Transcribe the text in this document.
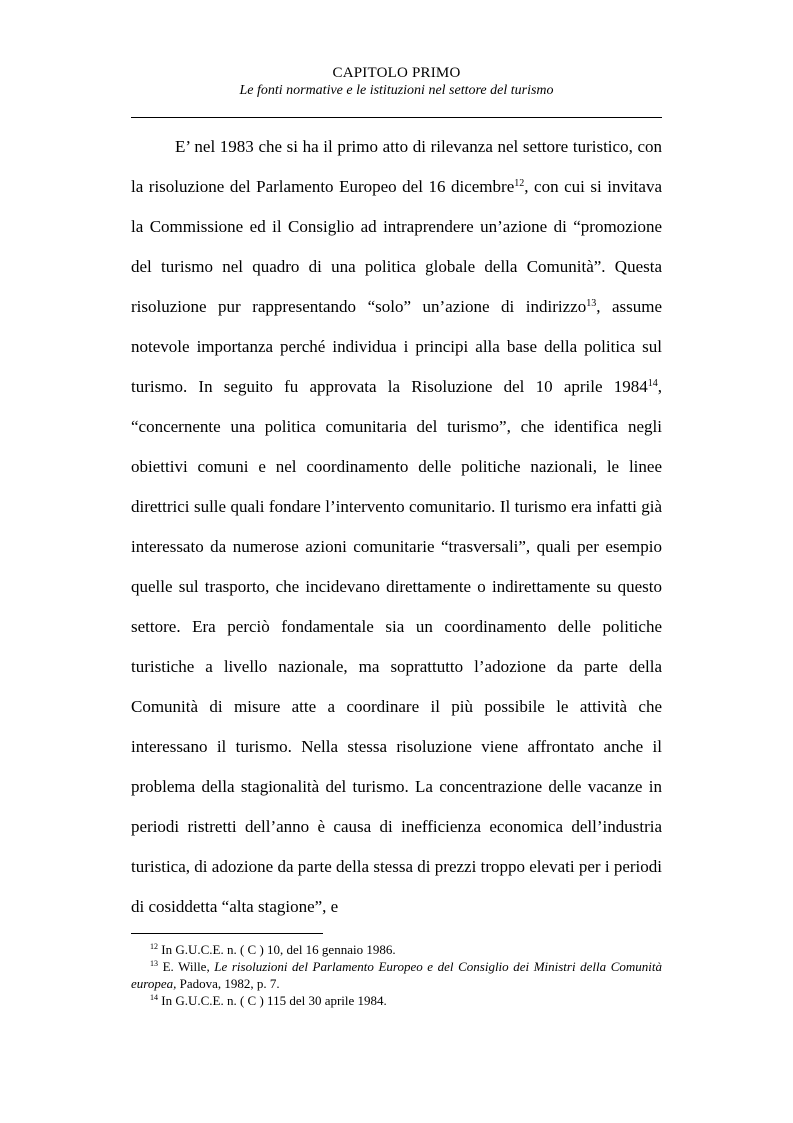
CAPITOLO PRIMO
Le fonti normative e le istituzioni nel settore del turismo

E’ nel 1983 che si ha il primo atto di rilevanza nel settore turistico, con la risoluzione del Parlamento Europeo del 16 dicembre$^{12}$, con cui si invitava la Commissione ed il Consiglio ad intraprendere un’azione di “promozione del turismo nel quadro di una politica globale della Comunità”. Questa risoluzione pur rappresentando “solo” un’azione di indirizzo$^{13}$, assume notevole importanza perché individua i principi alla base della politica sul turismo. In seguito fu approvata la Risoluzione del 10 aprile 1984$^{14}$, “concernente una politica comunitaria del turismo”, che identifica negli obiettivi comuni e nel coordinamento delle politiche nazionali, le linee direttrici sulle quali fondare l’intervento comunitario. Il turismo era infatti già interessato da numerose azioni comunitarie “trasversali”, quali per esempio quelle sul trasporto, che incidevano direttamente o indirettamente su questo settore. Era perciò fondamentale sia un coordinamento delle politiche turistiche a livello nazionale, ma soprattutto l’adozione da parte della Comunità di misure atte a coordinare il più possibile le attività che interessano il turismo. Nella stessa risoluzione viene affrontato anche il problema della stagionalità del turismo. La concentrazione delle vacanze in periodi ristretti dell’anno è causa di inefficienza economica dell’industria turistica, di adozione da parte della stessa di prezzi troppo elevati per i periodi di cosiddetta “alta stagione”, e

$^{12}$ In G.U.C.E. n. ( C ) 10, del 16 gennaio 1986.

$^{13}$ E. Wille, Le risoluzioni del Parlamento Europeo e del Consiglio dei Ministri della Comunità europea, Padova, 1982, p. 7.

$^{14}$ In G.U.C.E. n. ( C ) 115 del 30 aprile 1984.
